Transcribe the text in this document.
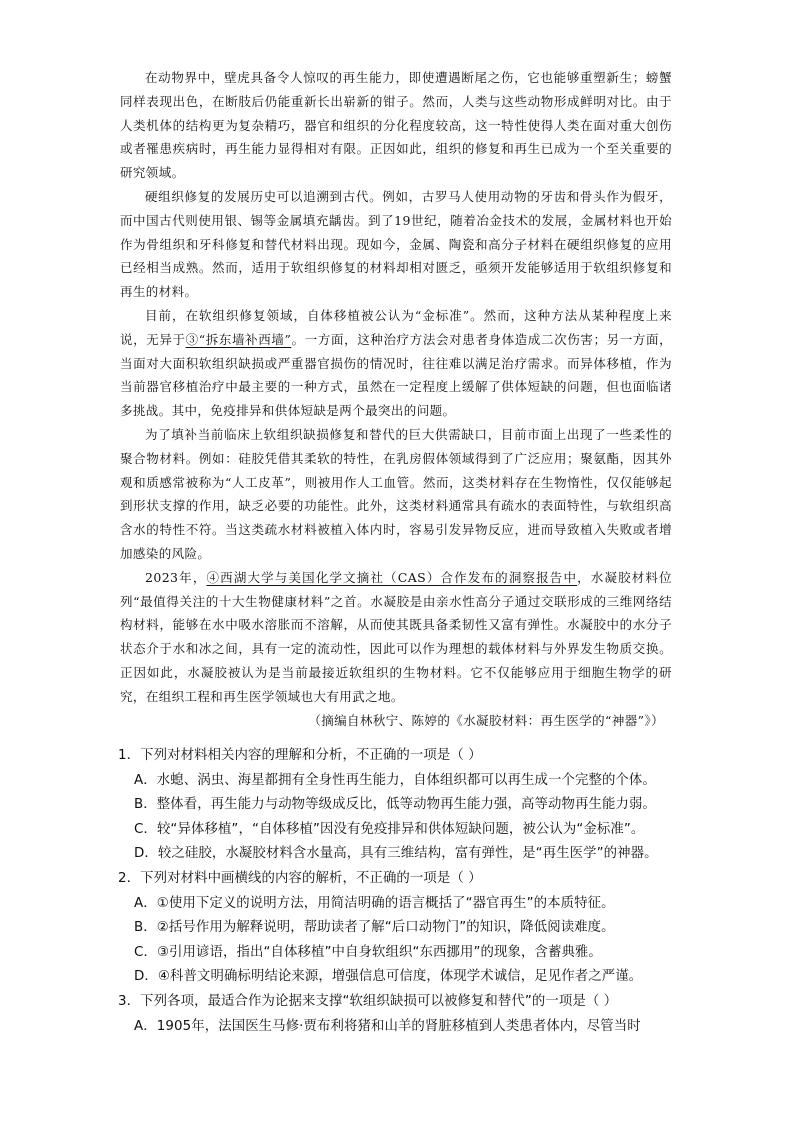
在动物界中，壁虎具备令人惊叹的再生能力，即使遭遇断尾之伤，它也能够重塑新生；螃蟹同样表现出色，在断肢后仍能重新长出崭新的钳子。然而，人类与这些动物形成鲜明对比。由于人类机体的结构更为复杂精巧，器官和组织的分化程度较高，这一特性使得人类在面对重大创伤或者罹患疾病时，再生能力显得相对有限。正因如此，组织的修复和再生已成为一个至关重要的研究领域。

硬组织修复的发展历史可以追溯到古代。例如，古罗马人使用动物的牙齿和骨头作为假牙，而中国古代则使用银、锡等金属填充龋齿。到了19世纪，随着冶金技术的发展，金属材料也开始作为骨组织和牙科修复和替代材料出现。现如今，金属、陶瓷和高分子材料在硬组织修复的应用已经相当成熟。然而，适用于软组织修复的材料却相对匮乏，亟须开发能够适用于软组织修复和再生的材料。

目前，在软组织修复领域，自体移植被公认为“金标准”。然而，这种方法从某种程度上来说，无异于③“拆东墙补西墙”。一方面，这种治疗方法会对患者身体造成二次伤害；另一方面，当面对大面积软组织缺损或严重器官损伤的情况时，往往难以满足治疗需求。而异体移植，作为当前器官移植治疗中最主要的一种方式，虽然在一定程度上缓解了供体短缺的问题，但也面临诸多挑战。其中，免疫排异和供体短缺是两个最突出的问题。

为了填补当前临床上软组织缺损修复和替代的巨大供需缺口，目前市面上出现了一些柔性的聚合物材料。例如：硅胶凭借其柔软的特性，在乳房假体领域得到了广泛应用；聚氨酯，因其外观和质感常被称为“人工皮革”，则被用作人工血管。然而，这类材料存在生物惰性，仅仅能够起到形状支撑的作用，缺乏必要的功能性。此外，这类材料通常具有疏水的表面特性，与软组织高含水的特性不符。当这类疏水材料被植入体内时，容易引发异物反应，进而导致植入失败或者增加感染的风险。

2023年，④西湖大学与美国化学文摘社（CAS）合作发布的洞察报告中，水凝胶材料位列“最值得关注的十大生物健康材料”之首。水凝胶是由亲水性高分子通过交联形成的三维网络结构材料，能够在水中吸水溶胀而不溶解，从而使其既具备柔韧性又富有弹性。水凝胶中的水分子状态介于水和冰之间，具有一定的流动性，因此可以作为理想的载体材料与外界发生物质交换。正因如此，水凝胶被认为是当前最接近软组织的生物材料。它不仅能够应用于细胞生物学的研究，在组织工程和再生医学领域也大有用武之地。

（摘编自林秋宁、陈婷的《水凝胶材料：再生医学的“神器”》）

1．下列对材料相关内容的理解和分析，不正确的一项是（ ）

A．水螅、涡虫、海星都拥有全身性再生能力，自体组织都可以再生成一个完整的个体。

B．整体看，再生能力与动物等级成反比，低等动物再生能力强，高等动物再生能力弱。

C．较“异体移植”，“自体移植”因没有免疫排异和供体短缺问题，被公认为“金标准”。

D．较之硅胶，水凝胶材料含水量高，具有三维结构，富有弹性，是“再生医学”的神器。

2．下列对材料中画横线的内容的解析，不正确的一项是（ ）

A．①使用下定义的说明方法，用简洁明确的语言概括了“器官再生”的本质特征。

B．②括号作用为解释说明，帮助读者了解“后口动物门”的知识，降低阅读难度。

C．③引用谚语，指出“自体移植”中自身软组织“东西挪用”的现象，含蓄典雅。

D．④科普文明确标明结论来源，增强信息可信度，体现学术诚信，足见作者之严谨。

3．下列各项，最适合作为论据来支撑“软组织缺损可以被修复和替代”的一项是（ ）

A．1905年，法国医生马修·贾布利将猪和山羊的肾脏移植到人类患者体内，尽管当时
